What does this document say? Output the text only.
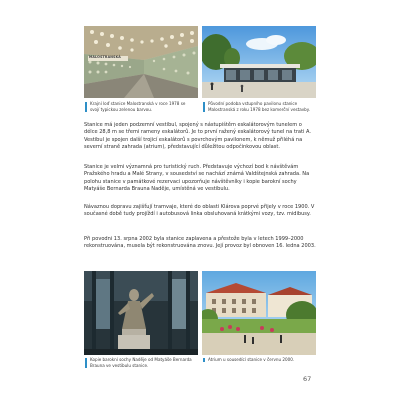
MALOSTRANSKÁ
Krajní loď stanice Malostranská v roce 1978 se svojí typickou zelenou barvou.
Původní podoba vstupního pavilonu stanice Malostranská z roku 1978 bez komerční vestavby.
Stanice má jeden podzemní vestibul, spojený s nástupištěm eskalátorovým tunelem o délce 28,8 m se třemi rameny eskalátorů. Je to první ražený eskalátorový tunel na trati A. Vestibul je spojen další trojicí eskalátorů s povrchovým pavilonem, k němuž přiléhá na severní straně zahrada (atrium), představující důležitou odpočinkovou oblast.
Stanice je velmi významná pro turistický ruch. Představuje výchozí bod k návštěvám Pražského hradu a Malé Strany, v sousedství se nachází známá Valdštejnská zahrada. Na polohu stanice v památkové rezervaci upozorňuje návštěvníky i kopie barokní sochy Matyáše Bernarda Brauna Naděje, umístěná ve vestibulu.
Návaznou dopravu zajišťují tramvaje, které do oblasti Klárova poprvé přijely v roce 1900. V současné době tudy projíždí i autobusová linka obsluhovaná krátkými vozy, tzv. midibusy.
Při povodni 13. srpna 2002 byla stanice zaplavena a přestože byla v letech 1999–2000 rekonstruována, musela být rekonstruována znovu. Její provoz byl obnoven 16. ledna 2003.
Kopie barokní sochy Naděje od Matyáše Bernarda Brauna ve vestibulu stanice.
Atrium u sousedící stanice v červnu 2000.
67
